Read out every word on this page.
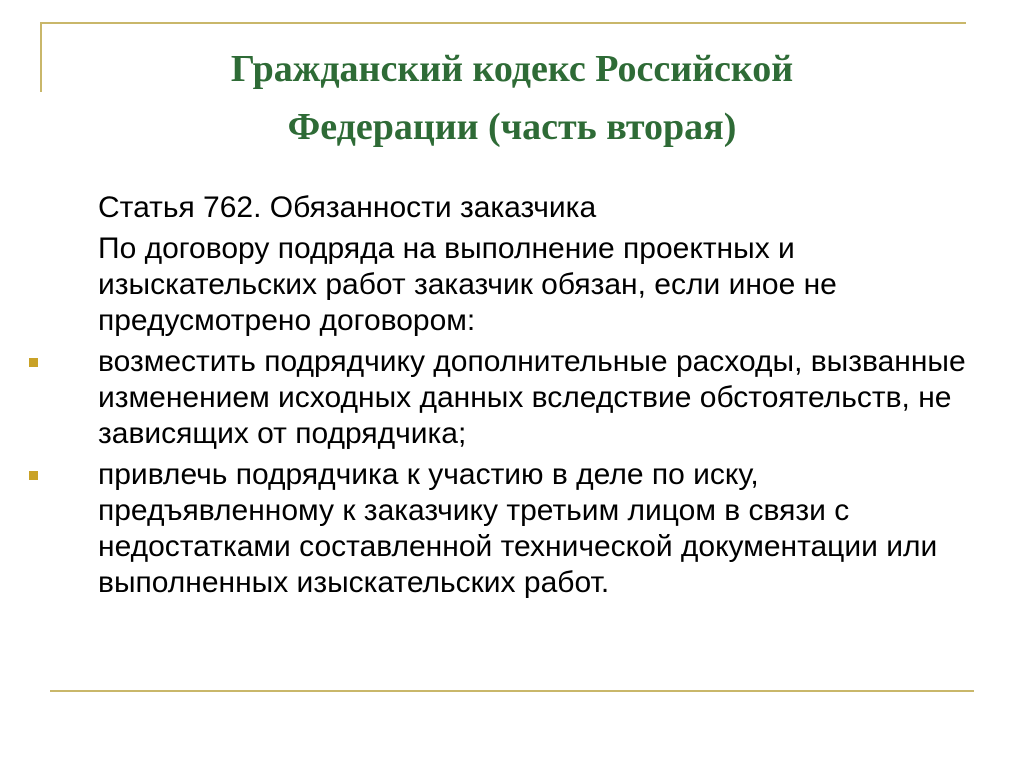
Гражданский кодекс Российской
Федерации (часть вторая)
Статья 762. Обязанности заказчика
По договору подряда на выполнение проектных и изыскательских работ заказчик обязан, если иное не предусмотрено договором:
возместить подрядчику дополнительные расходы, вызванные изменением исходных данных вследствие обстоятельств, не зависящих от подрядчика;
привлечь подрядчика к участию в деле по иску, предъявленному к заказчику третьим лицом в связи с недостатками составленной технической документации или выполненных изыскательских работ.
